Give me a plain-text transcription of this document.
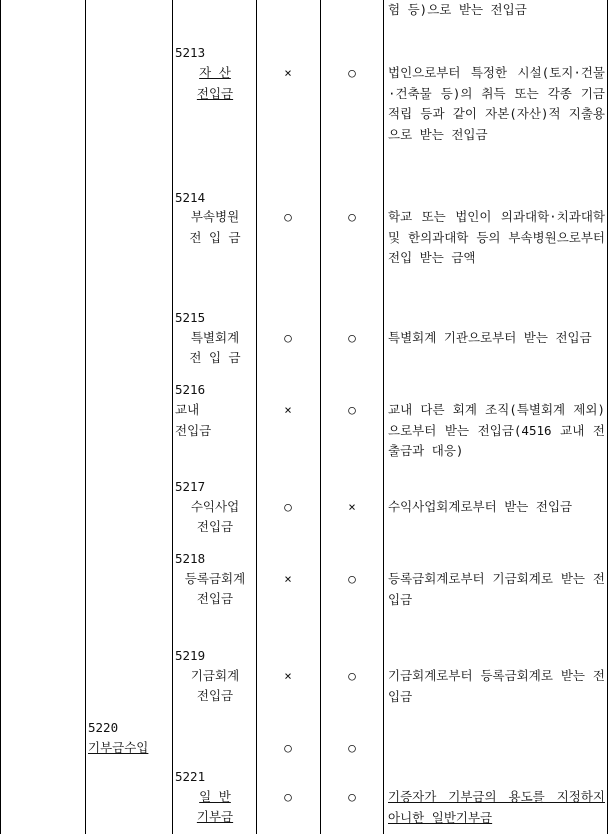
험 등)으로 받는 전입금
5213
자 산
전입금
×	○	법인으로부터 특정한 시설(토지·건물·건축물 등)의 취득 또는 각종 기금적립 등과 같이 자본(자산)적 지출용으로 받는 전입금
5214
부속병원
전 입 금
○	○	학교 또는 법인이 의과대학·치과대학 및 한의과대학 등의 부속병원으로부터 전입 받는 금액
5215
특별회계
전 입 금
○	○	특별회계 기관으로부터 받는 전입금
5216
교내
전입금
×	○	교내 다른 회계 조직(특별회계 제외)으로부터 받는 전입금(4516 교내 전출금과 대응)
5217
수익사업
전입금
○	×	수익사업회계로부터 받는 전입금
5218
등록금회계
전입금
×	○	등록금회계로부터 기금회계로 받는 전입금
5219
기금회계
전입금
×	○	기금회계로부터 등록금회계로 받는 전입금
5220
기부금수입	○	○
5221
일 반
기부금
○	○	기증자가 기부금의 용도를 지정하지 아니한 일반기부금
